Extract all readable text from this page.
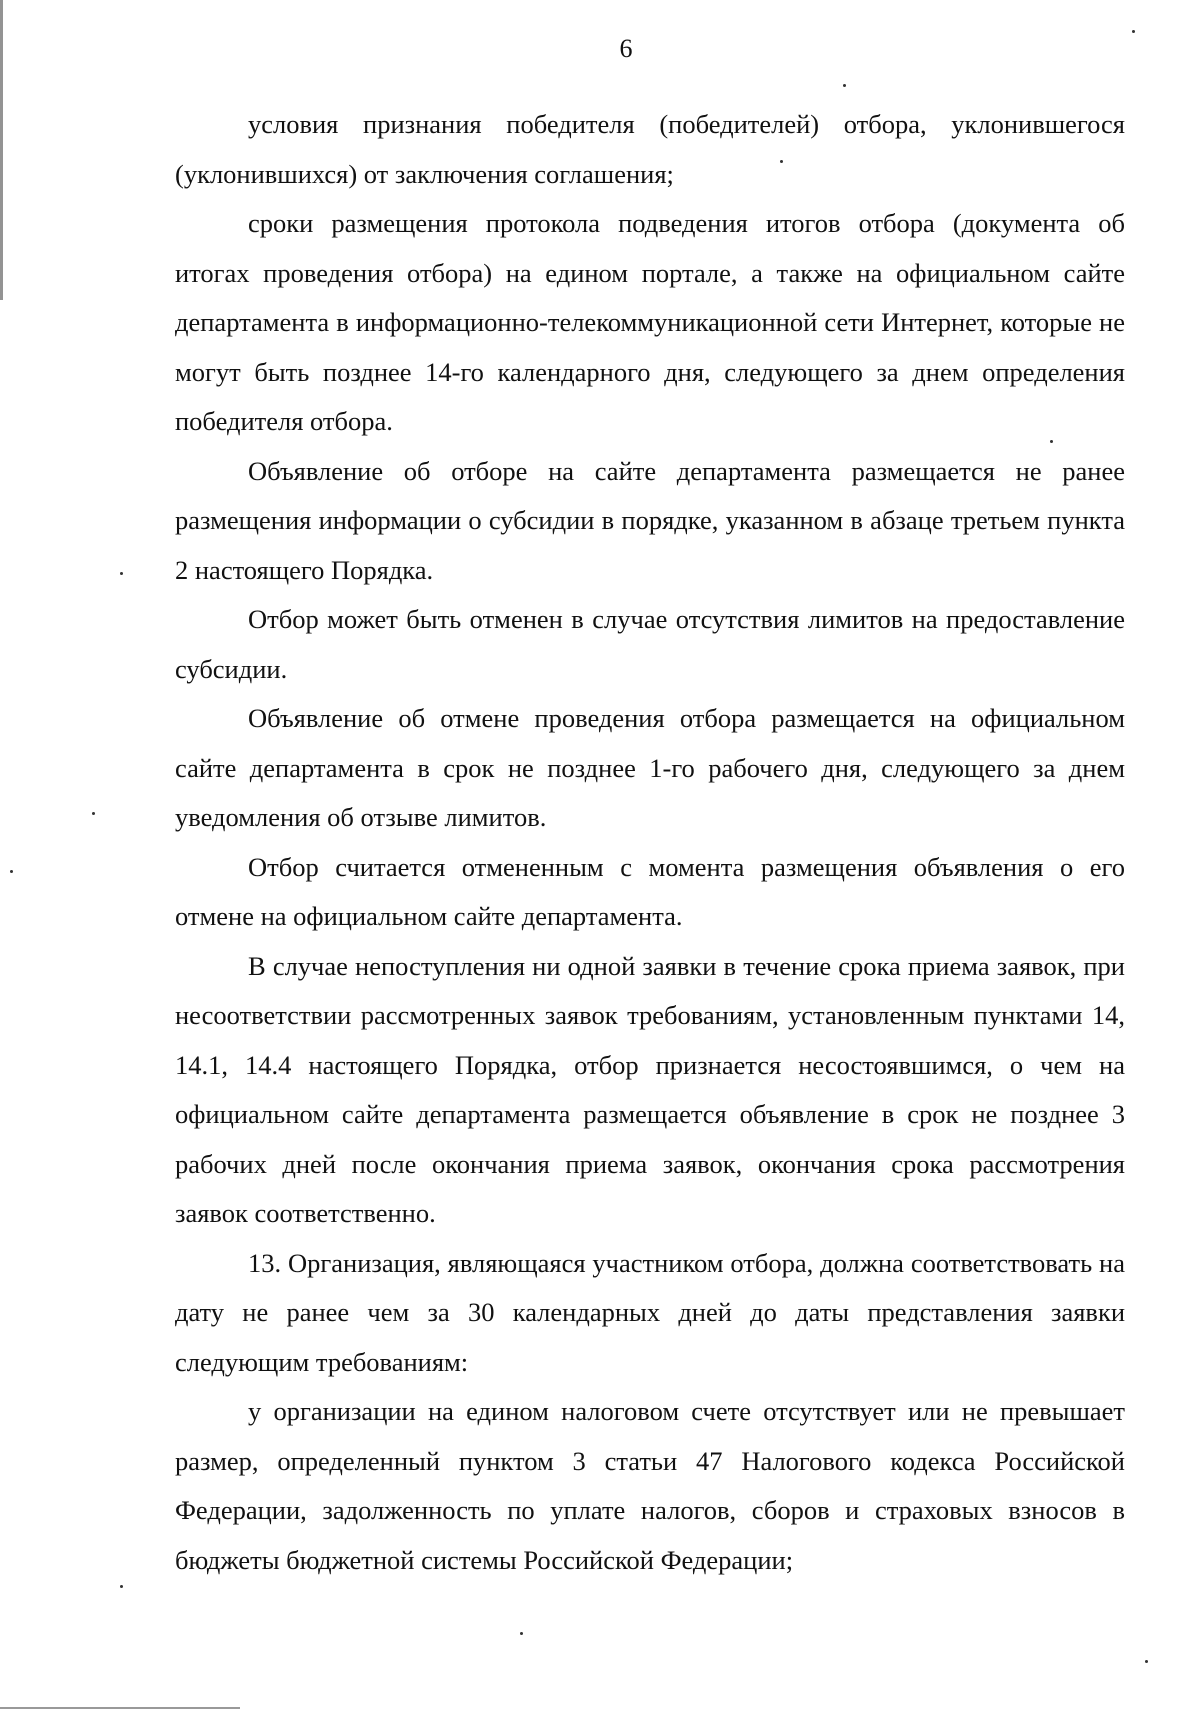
6

условия признания победителя (победителей) отбора, уклонившегося (уклонившихся) от заключения соглашения;

сроки размещения протокола подведения итогов отбора (документа об итогах проведения отбора) на едином портале, а также на официальном сайте департамента в информационно-телекоммуникационной сети Интернет, которые не могут быть позднее 14-го календарного дня, следующего за днем определения победителя отбора.

Объявление об отборе на сайте департамента размещается не ранее размещения информации о субсидии в порядке, указанном в абзаце третьем пункта 2 настоящего Порядка.

Отбор может быть отменен в случае отсутствия лимитов на предоставление субсидии.

Объявление об отмене проведения отбора размещается на официальном сайте департамента в срок не позднее 1-го рабочего дня, следующего за днем уведомления об отзыве лимитов.

Отбор считается отмененным с момента размещения объявления о его отмене на официальном сайте департамента.

В случае непоступления ни одной заявки в течение срока приема заявок, при несоответствии рассмотренных заявок требованиям, установленным пунктами 14, 14.1, 14.4 настоящего Порядка, отбор признается несостоявшимся, о чем на официальном сайте департамента размещается объявление в срок не позднее 3 рабочих дней после окончания приема заявок, окончания срока рассмотрения заявок соответственно.

13. Организация, являющаяся участником отбора, должна соответствовать на дату не ранее чем за 30 календарных дней до даты представления заявки следующим требованиям:

у организации на едином налоговом счете отсутствует или не превышает размер, определенный пунктом 3 статьи 47 Налогового кодекса Российской Федерации, задолженность по уплате налогов, сборов и страховых взносов в бюджеты бюджетной системы Российской Федерации;
